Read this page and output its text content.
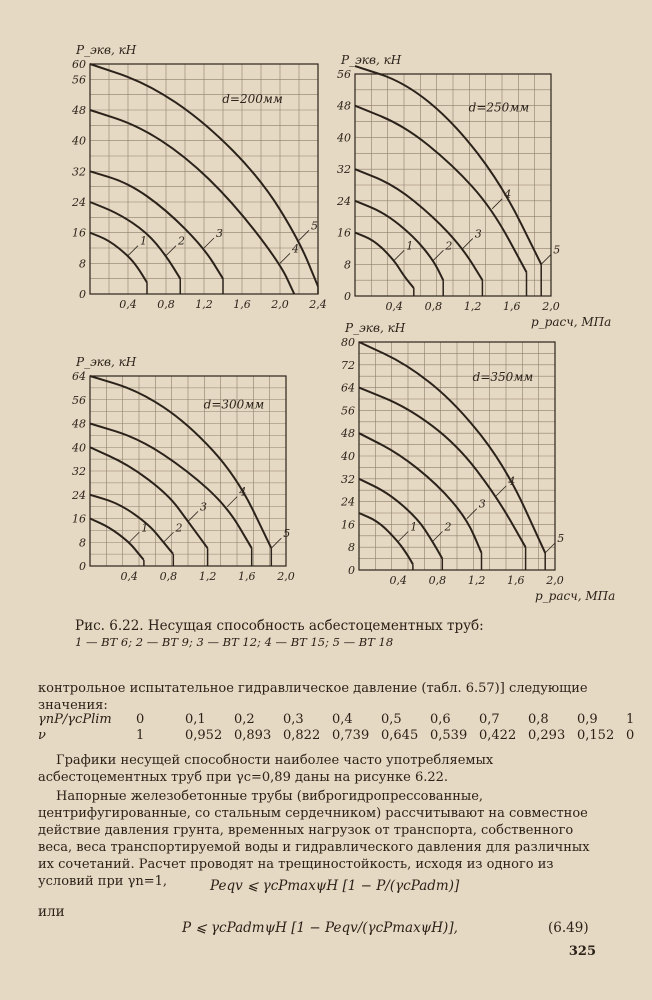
0
8
16
24
32
40
48
56
60
0,4 0,8 1,2 1,6 2,0 2,4
P_экв, кН
d=200мм
1	2
3
4
5
0
8
16
24
32
40
48
56
0,4 0,8 1,2 1,6 2,0
P_экв, кН
p_расч, МПа
d=250мм
1	2
3
4
5
0
8
16
24
32
40
48
56
64
0,4 0,8 1,2 1,6 2,0
P_экв, кН
d=300мм
1 2
3
4
5
0
8
16
24
32
40
48
56
64
72
80
0,4 0,8 1,2 1,6 2,0
P_экв, кН
p_расч, МПа
d=350мм
1 2
3
4
5
Рис. 6.22. Несущая способность асбестоцементных труб:
1 — ВТ 6; 2 — ВТ 9; 3 — ВТ 12; 4 — ВТ 15; 5 — ВТ 18
контрольное испытательное гидравлическое давление (табл. 6.57)] следующие значения:
γnP/γcPlim	0	0,1	0,2	0,3	0,4	0,5	0,6	0,7	0,8	0,9	1
ν	1	0,952 0,893 0,822 0,739 0,645 0,539 0,422 0,293 0,152 0
Графики несущей способности наиболее часто употребляемых асбестоцементных труб при γc=0,89 даны на рисунке 6.22.
Напорные железобетонные трубы (виброгидропрессованные, центрифугированные, со стальным сердечником) рассчитывают на совместное действие давления грунта, временных нагрузок от транспорта, собственного веса, веса транспортируемой воды и гидравлического давления для различных их сочетаний. Расчет проводят на трещиностойкость, исходя из одного из условий при γn=1,	Peqv ⩽ γcPmaxψH [1 − P/(γcPadm)]
или
P ⩽ γcPadmψH [1 − Peqv/(γcPmaxψH)],	(6.49)
325
